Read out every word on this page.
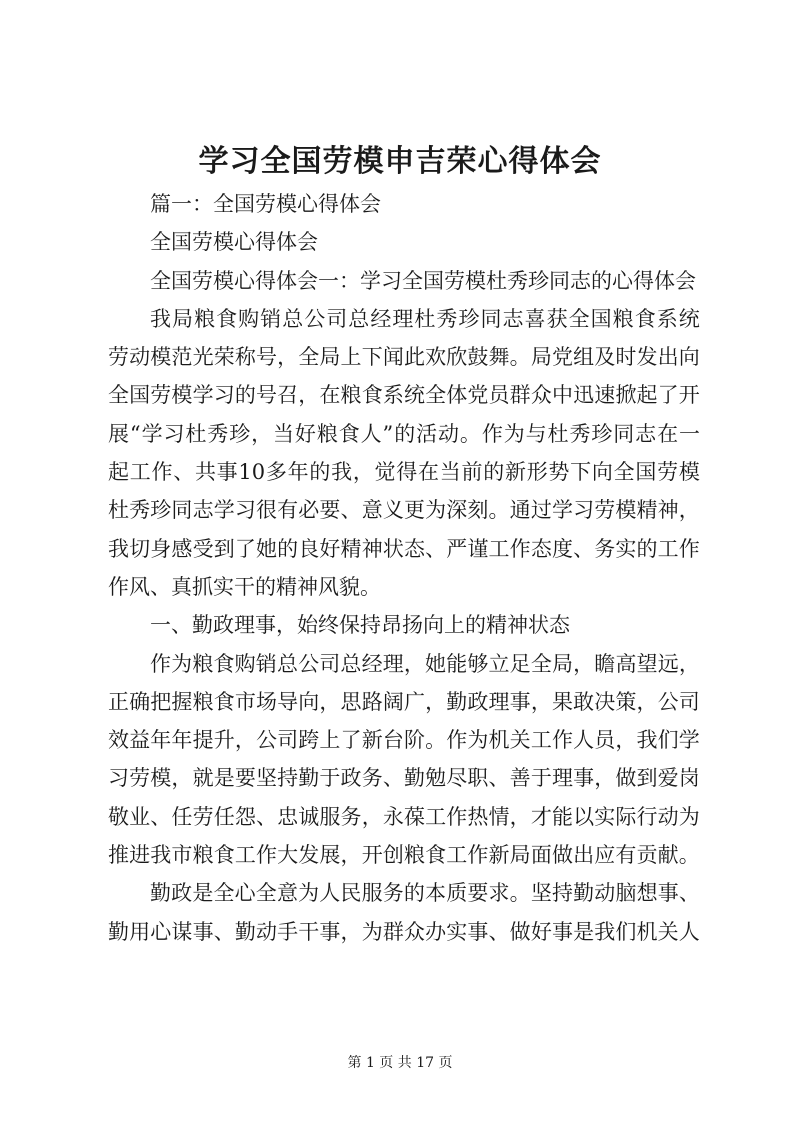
学习全国劳模申吉荣心得体会
篇一：全国劳模心得体会
全国劳模心得体会
全国劳模心得体会一：学习全国劳模杜秀珍同志的心得体会
我 局 粮 食 购 销 总 公 司 总 经 理 杜 秀 珍 同 志 喜 获 全 国 粮 食 系 统
劳 动 模 范 光 荣 称 号 ， 全 局 上 下 闻 此 欢 欣 鼓 舞 。 局 党 组 及 时 发 出 向
全 国 劳 模 学 习 的 号 召 ， 在 粮 食 系 统 全 体 党 员 群 众 中 迅 速 掀 起 了 开
展 “ 学 习 杜 秀 珍 ， 当 好 粮 食 人 ” 的 活 动 。 作 为 与 杜 秀 珍 同 志 在 一
起 工 作 、 共 事 10 多 年 的 我 ， 觉 得 在 当 前 的 新 形 势 下 向 全 国 劳 模
杜 秀 珍 同 志 学 习 很 有 必 要 、 意 义 更 为 深 刻 。 通 过 学 习 劳 模 精 神 ，
我 切 身 感 受 到 了 她 的 良 好 精 神 状 态 、 严 谨 工 作 态 度 、 务 实 的 工 作
作风、真抓实干的精神风貌。
一、勤政理事，始终保持昂扬向上的精神状态
作 为 粮 食 购 销 总 公 司 总 经 理 ， 她 能 够 立 足 全 局 ， 瞻 高 望 远 ，
正 确 把 握 粮 食 市 场 导 向 ， 思 路 阔 广 ， 勤 政 理 事 ， 果 敢 决 策 ， 公 司
效 益 年 年 提 升 ， 公 司 跨 上 了 新 台 阶 。 作 为 机 关 工 作 人 员 ， 我 们 学
习 劳 模 ， 就 是 要 坚 持 勤 于 政 务 、 勤 勉 尽 职 、 善 于 理 事 ， 做 到 爱 岗
敬 业 、 任 劳 任 怨 、 忠 诚 服 务 ， 永 葆 工 作 热 情 ， 才 能 以 实 际 行 动 为
推 进 我 市 粮 食 工 作 大 发 展 ， 开 创 粮 食 工 作 新 局 面 做 出 应 有 贡 献 。
勤 政 是 全 心 全 意 为 人 民 服 务 的 本 质 要 求 。 坚 持 勤 动 脑 想 事 、
勤 用 心 谋 事 、 勤 动 手 干 事 ， 为 群 众 办 实 事 、 做 好 事 是 我 们 机 关 人
第 1 页 共 17 页
